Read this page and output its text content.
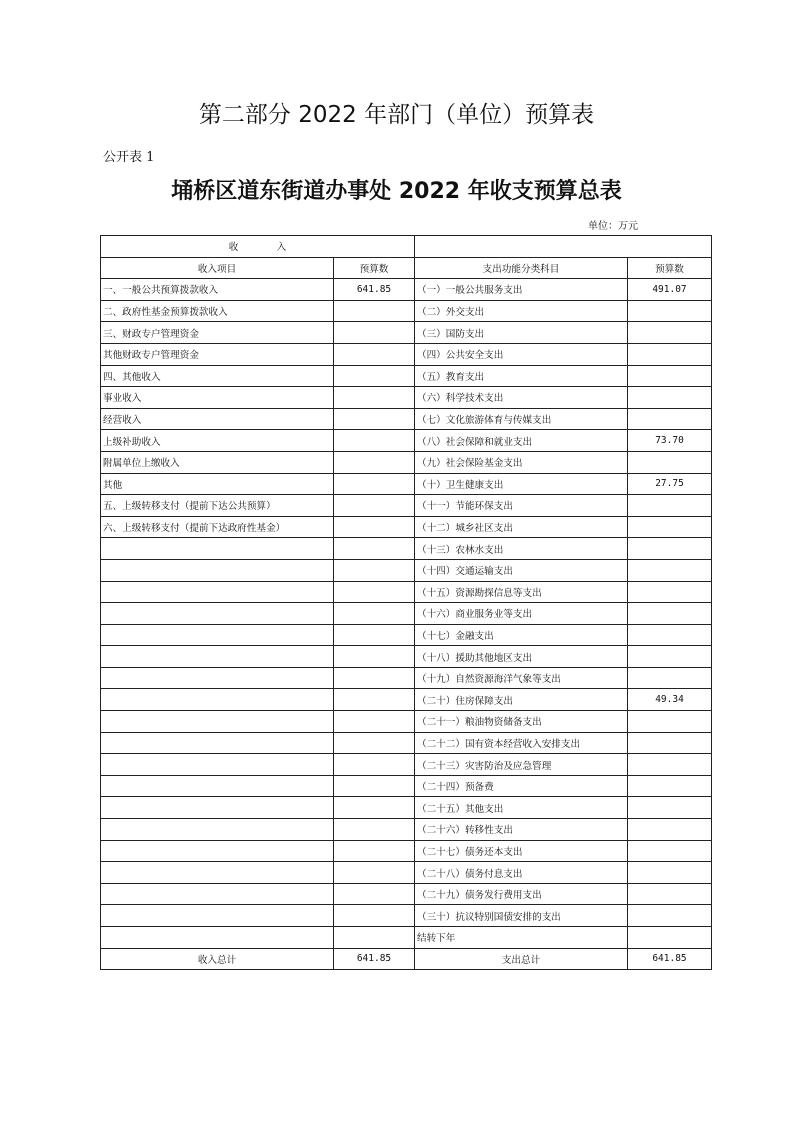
第二部分 2022 年部门（单位）预算表
公开表 1
埇桥区道东街道办事处 2022 年收支预算总表
单位：万元
收　　　　入			
收入项目	预算数	支出功能分类科目	预算数
一、一般公共预算拨款收入	641.85	（一）一般公共服务支出	491.07
二、政府性基金预算拨款收入		（二）外交支出	
三、财政专户管理资金		（三）国防支出	
其他财政专户管理资金		（四）公共安全支出	
四、其他收入		（五）教育支出	
事业收入		（六）科学技术支出	
经营收入		（七）文化旅游体育与传媒支出	
上级补助收入		（八）社会保障和就业支出	73.70
附属单位上缴收入		（九）社会保险基金支出	
其他		（十）卫生健康支出	27.75
五、上级转移支付（提前下达公共预算）		（十一）节能环保支出	
六、上级转移支付（提前下达政府性基金）		（十二）城乡社区支出	
		（十三）农林水支出	
		（十四）交通运输支出	
		（十五）资源勘探信息等支出	
		（十六）商业服务业等支出	
		（十七）金融支出	
		（十八）援助其他地区支出	
		（十九）自然资源海洋气象等支出	
		（二十）住房保障支出	49.34
		（二十一）粮油物资储备支出	
		（二十二）国有资本经营收入安排支出	
		（二十三）灾害防治及应急管理	
		（二十四）预备费	
		（二十五）其他支出	
		（二十六）转移性支出	
		（二十七）债务还本支出	
		（二十八）债务付息支出	
		（二十九）债务发行费用支出	
		（三十）抗议特别国债安排的支出	
		结转下年	
收入总计	641.85	支出总计	641.85
